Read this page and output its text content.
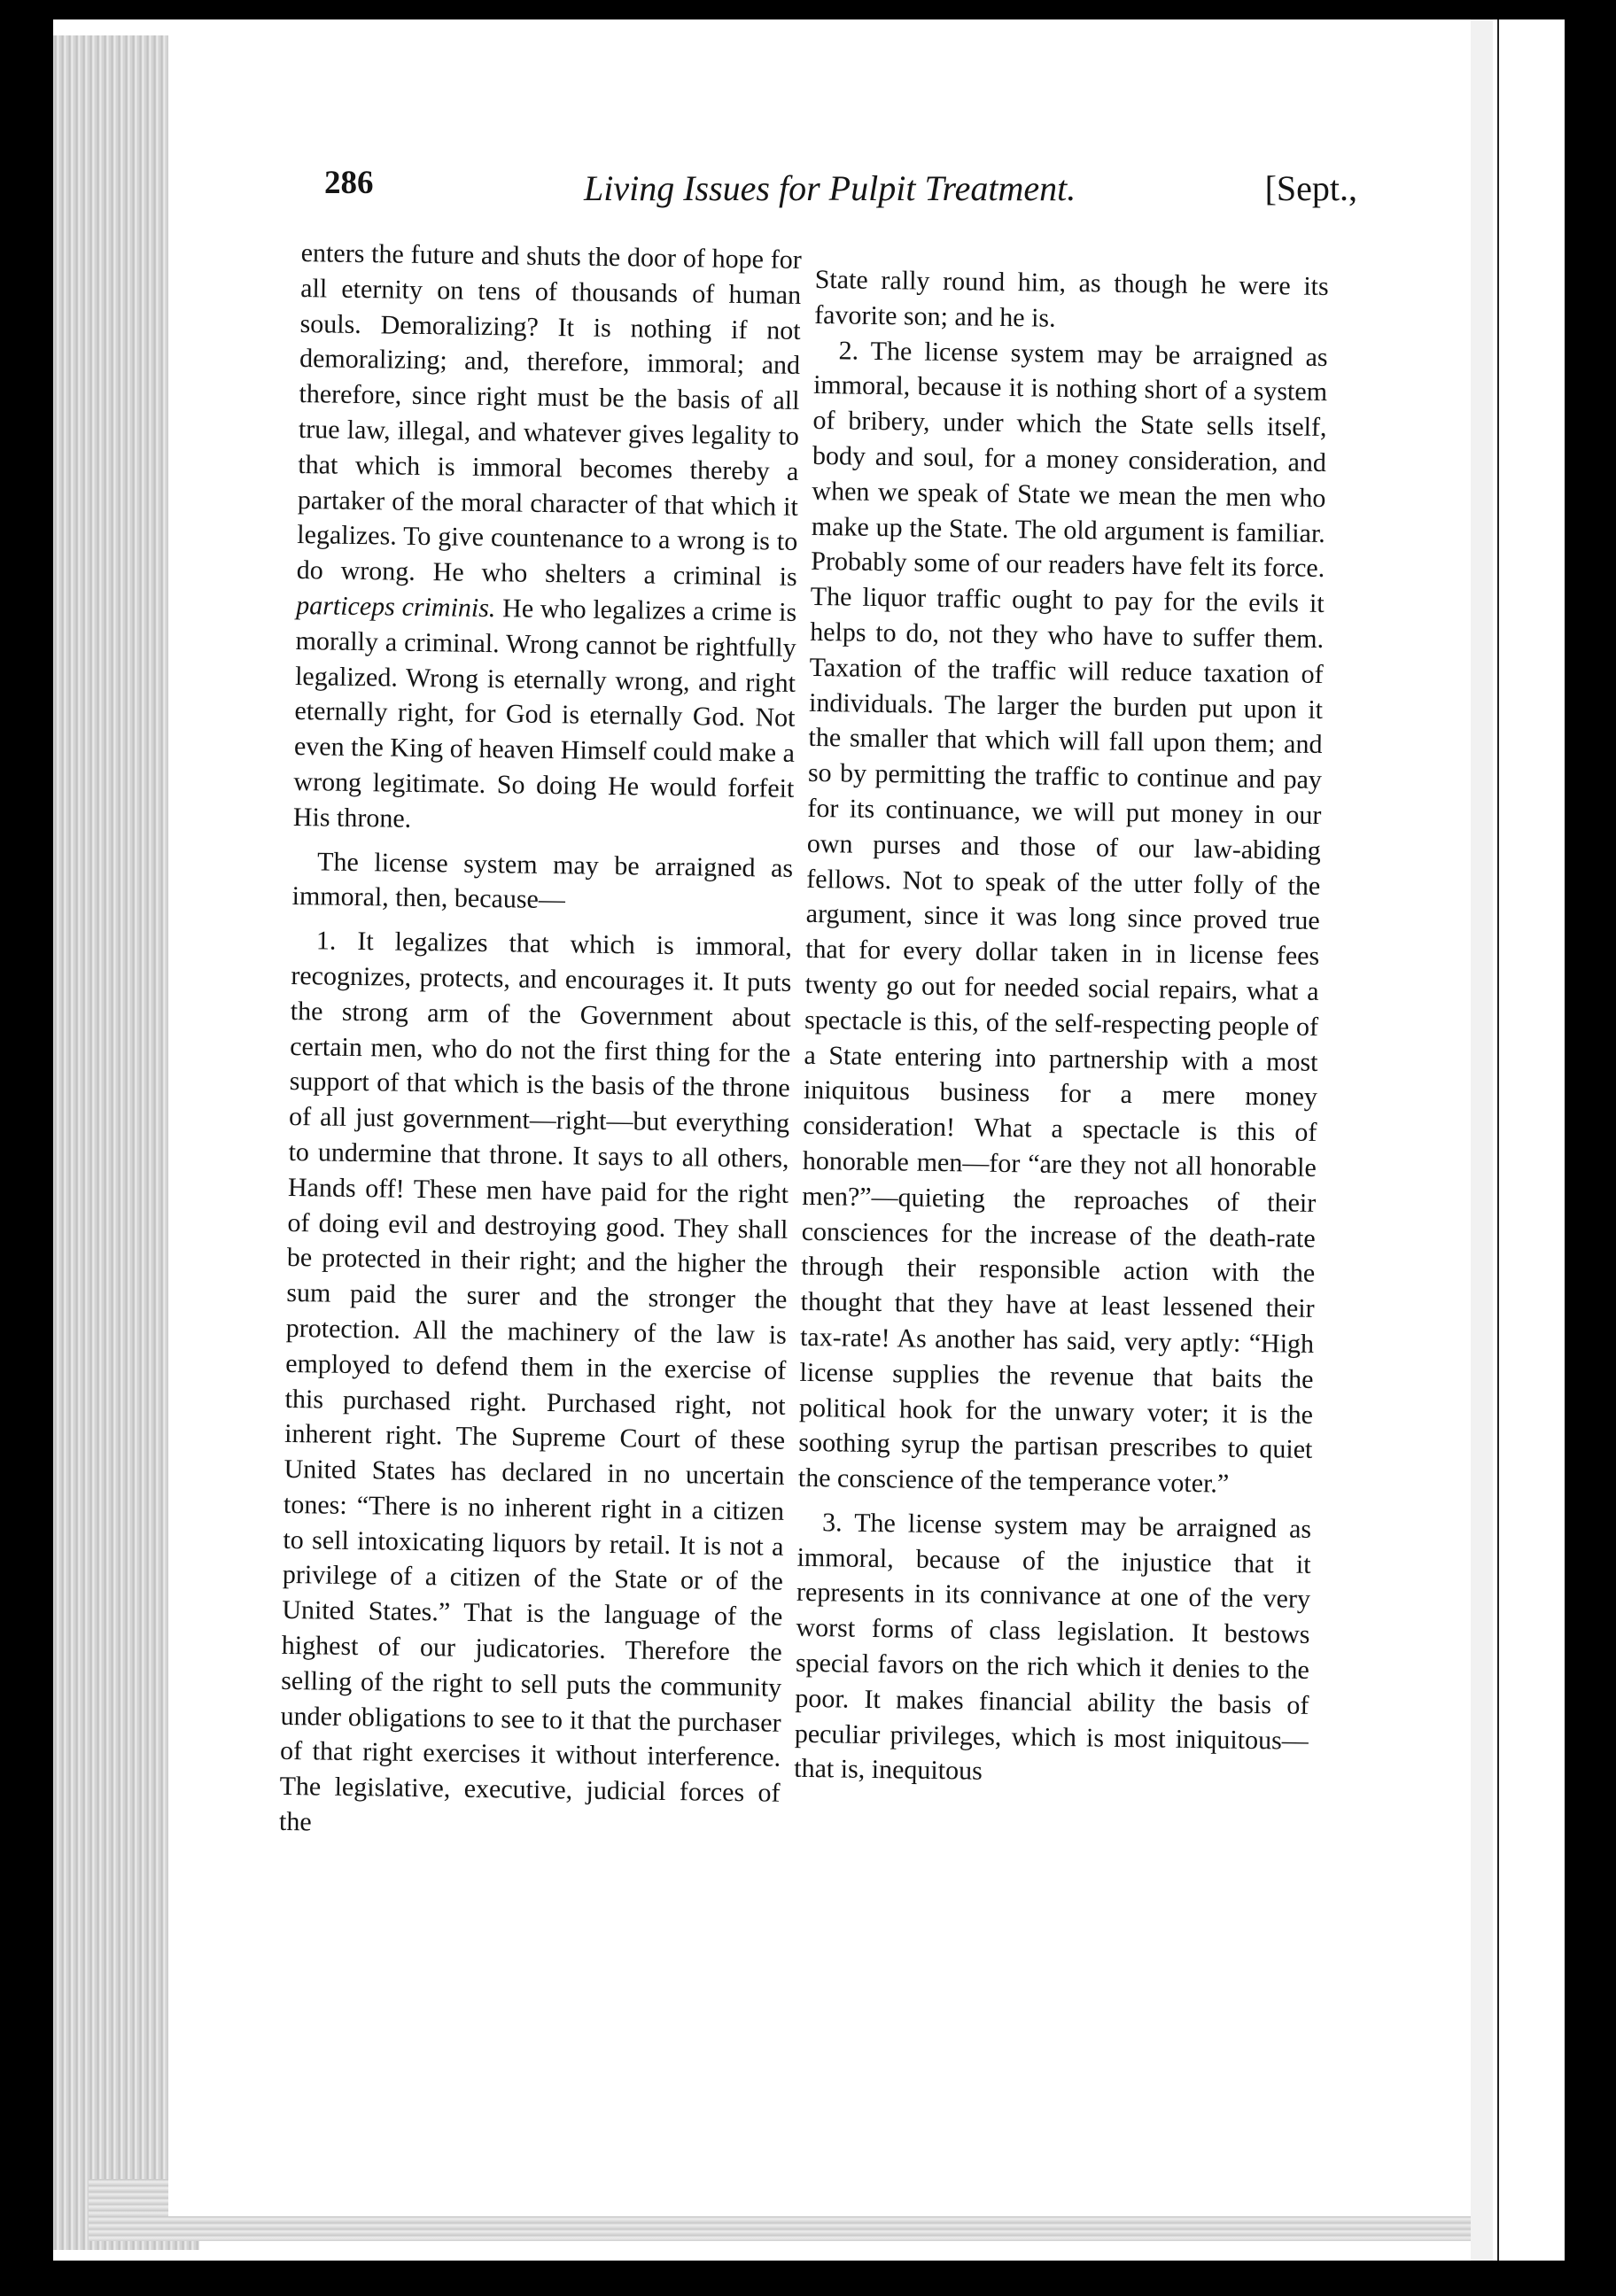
286	Living Issues for Pulpit Treatment.	[Sept.,

enters the future and shuts the door of hope for all eternity on tens of thousands of human souls. Demoralizing? It is nothing if not demoralizing; and, therefore, immoral; and therefore, since right must be the basis of all true law, illegal, and whatever gives legality to that which is immoral becomes thereby a partaker of the moral character of that which it legalizes. To give countenance to a wrong is to do wrong. He who shelters a criminal is particeps criminis. He who legalizes a crime is morally a criminal. Wrong cannot be rightfully legalized. Wrong is eternally wrong, and right eternally right, for God is eternally God. Not even the King of heaven Himself could make a wrong legitimate. So doing He would forfeit His throne.

The license system may be arraigned as immoral, then, because—

1. It legalizes that which is immoral, recognizes, protects, and encourages it. It puts the strong arm of the Government about certain men, who do not the first thing for the support of that which is the basis of the throne of all just government—right—but everything to undermine that throne. It says to all others, Hands off! These men have paid for the right of doing evil and destroying good. They shall be protected in their right; and the higher the sum paid the surer and the stronger the protection. All the machinery of the law is employed to defend them in the exercise of this purchased right. Purchased right, not inherent right. The Supreme Court of these United States has declared in no uncertain tones: “There is no inherent right in a citizen to sell intoxicating liquors by retail. It is not a privilege of a citizen of the State or of the United States.” That is the language of the highest of our judicatories. Therefore the selling of the right to sell puts the community under obligations to see to it that the purchaser of that right exercises it without interference. The legislative, executive, judicial forces of the

State rally round him, as though he were its favorite son; and he is.

2. The license system may be arraigned as immoral, because it is nothing short of a system of bribery, under which the State sells itself, body and soul, for a money consideration, and when we speak of State we mean the men who make up the State. The old argument is familiar. Probably some of our readers have felt its force. The liquor traffic ought to pay for the evils it helps to do, not they who have to suffer them. Taxation of the traffic will reduce taxation of individuals. The larger the burden put upon it the smaller that which will fall upon them; and so by permitting the traffic to continue and pay for its continuance, we will put money in our own purses and those of our law-abiding fellows. Not to speak of the utter folly of the argument, since it was long since proved true that for every dollar taken in in license fees twenty go out for needed social repairs, what a spectacle is this, of the self-respecting people of a State entering into partnership with a most iniquitous business for a mere money consideration! What a spectacle is this of honorable men—for “are they not all honorable men?”—quieting the reproaches of their consciences for the increase of the death-rate through their responsible action with the thought that they have at least lessened their tax-rate! As another has said, very aptly: “High license supplies the revenue that baits the political hook for the unwary voter; it is the soothing syrup the partisan prescribes to quiet the conscience of the temperance voter.”

3. The license system may be arraigned as immoral, because of the injustice that it represents in its connivance at one of the very worst forms of class legislation. It bestows special favors on the rich which it denies to the poor. It makes financial ability the basis of peculiar privileges, which is most iniquitous—that is, inequitous
